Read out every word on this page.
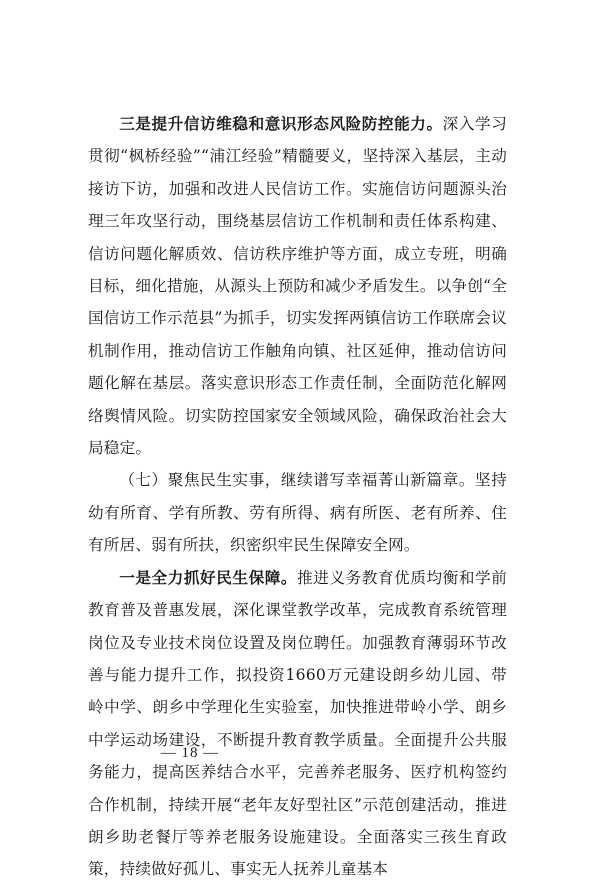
三是提升信访维稳和意识形态风险防控能力。深入学习贯彻“枫桥经验”“浦江经验”精髓要义，坚持深入基层，主动接访下访，加强和改进人民信访工作。实施信访问题源头治理三年攻坚行动，围绕基层信访工作机制和责任体系构建、信访问题化解质效、信访秩序维护等方面，成立专班，明确目标，细化措施，从源头上预防和减少矛盾发生。以争创“全国信访工作示范县”为抓手，切实发挥两镇信访工作联席会议机制作用，推动信访工作触角向镇、社区延伸，推动信访问题化解在基层。落实意识形态工作责任制，全面防范化解网络舆情风险。切实防控国家安全领域风险，确保政治社会大局稳定。

（七）聚焦民生实事，继续谱写幸福菁山新篇章。坚持幼有所育、学有所教、劳有所得、病有所医、老有所养、住有所居、弱有所扶，织密织牢民生保障安全网。

一是全力抓好民生保障。推进义务教育优质均衡和学前教育普及普惠发展，深化课堂教学改革，完成教育系统管理岗位及专业技术岗位设置及岗位聘任。加强教育薄弱环节改善与能力提升工作，拟投资1660万元建设朗乡幼儿园、带岭中学、朗乡中学理化生实验室，加快推进带岭小学、朗乡中学运动场建设，不断提升教育教学质量。全面提升公共服务能力，提高医养结合水平，完善养老服务、医疗机构签约合作机制，持续开展“老年友好型社区”示范创建活动，推进朗乡助老餐厅等养老服务设施建设。全面落实三孩生育政策，持续做好孤儿、事实无人抚养儿童基本

— 18 —
